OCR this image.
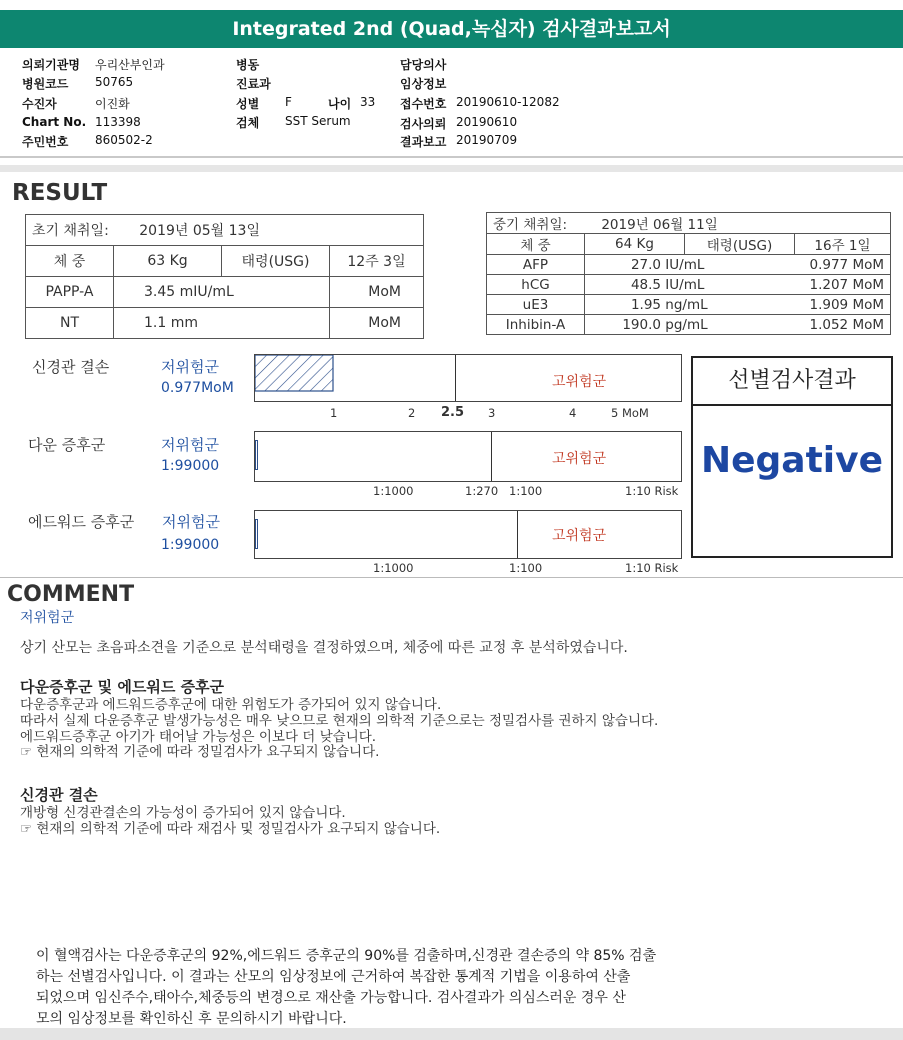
Integrated 2nd (Quad,녹십자) 검사결과보고서
의뢰기관명 우리산부인과
병원코드 50765
수진자	이진화
Chart No. 113398
주민번호 860502-2
병동
진료과
성별 F	나이 33
검체 SST Serum
담당의사
임상정보
접수번호 20190610-12082
검사의뢰 20190610
결과보고 20190709
RESULT
초기 채취일: 2019년 05월 13일			
체 중	63 Kg	태령(USG)	12주 3일
PAPP-A	3.45 mIU/mL		MoM
NT	1.1 mm		MoM
중기 채취일: 2019년 06월 11일			
체 중	64 Kg	태령(USG)	16주 1일
AFP	27.0 IU/mL		0.977 MoM
hCG	48.5 IU/mL		1.207 MoM
uE3	1.95 ng/mL		1.909 MoM
Inhibin-A	190.0 pg/mL		1.052 MoM
신경관 결손	저위험군
0.977MoM	고위험군
1	2 2.5 3	4	5 MoM
다운 증후군	저위험군
1:99000	고위험군
1:1000	1:270 1:100	1:10 Risk
에드워드 증후군 저위험군
1:99000
고위험군
1:1000	1:100	1:10 Risk
선별검사결과
Negative
COMMENT
저위험군
상기 산모는 초음파소견을 기준으로 분석태령을 결정하였으며, 체중에 따른 교정 후 분석하였습니다.
다운증후군 및 에드워드 증후군
다운증후군과 에드워드증후군에 대한 위험도가 증가되어 있지 않습니다.
따라서 실제 다운증후군 발생가능성은 매우 낮으므로 현재의 의학적 기준으로는 정밀검사를 권하지 않습니다.
에드워드증후군 아기가 태어날 가능성은 이보다 더 낮습니다.
☞ 현재의 의학적 기준에 따라 정밀검사가 요구되지 않습니다.
신경관 결손
개방형 신경관결손의 가능성이 증가되어 있지 않습니다.
☞ 현재의 의학적 기준에 따라 재검사 및 정밀검사가 요구되지 않습니다.
이 혈액검사는 다운증후군의 92%,에드워드 증후군의 90%를 검출하며,신경관 결손증의 약 85% 검출
하는 선별검사입니다. 이 결과는 산모의 임상정보에 근거하여 복잡한 통계적 기법을 이용하여 산출
되었으며 임신주수,태아수,체중등의 변경으로 재산출 가능합니다. 검사결과가 의심스러운 경우 산
모의 임상정보를 확인하신 후 문의하시기 바랍니다.
